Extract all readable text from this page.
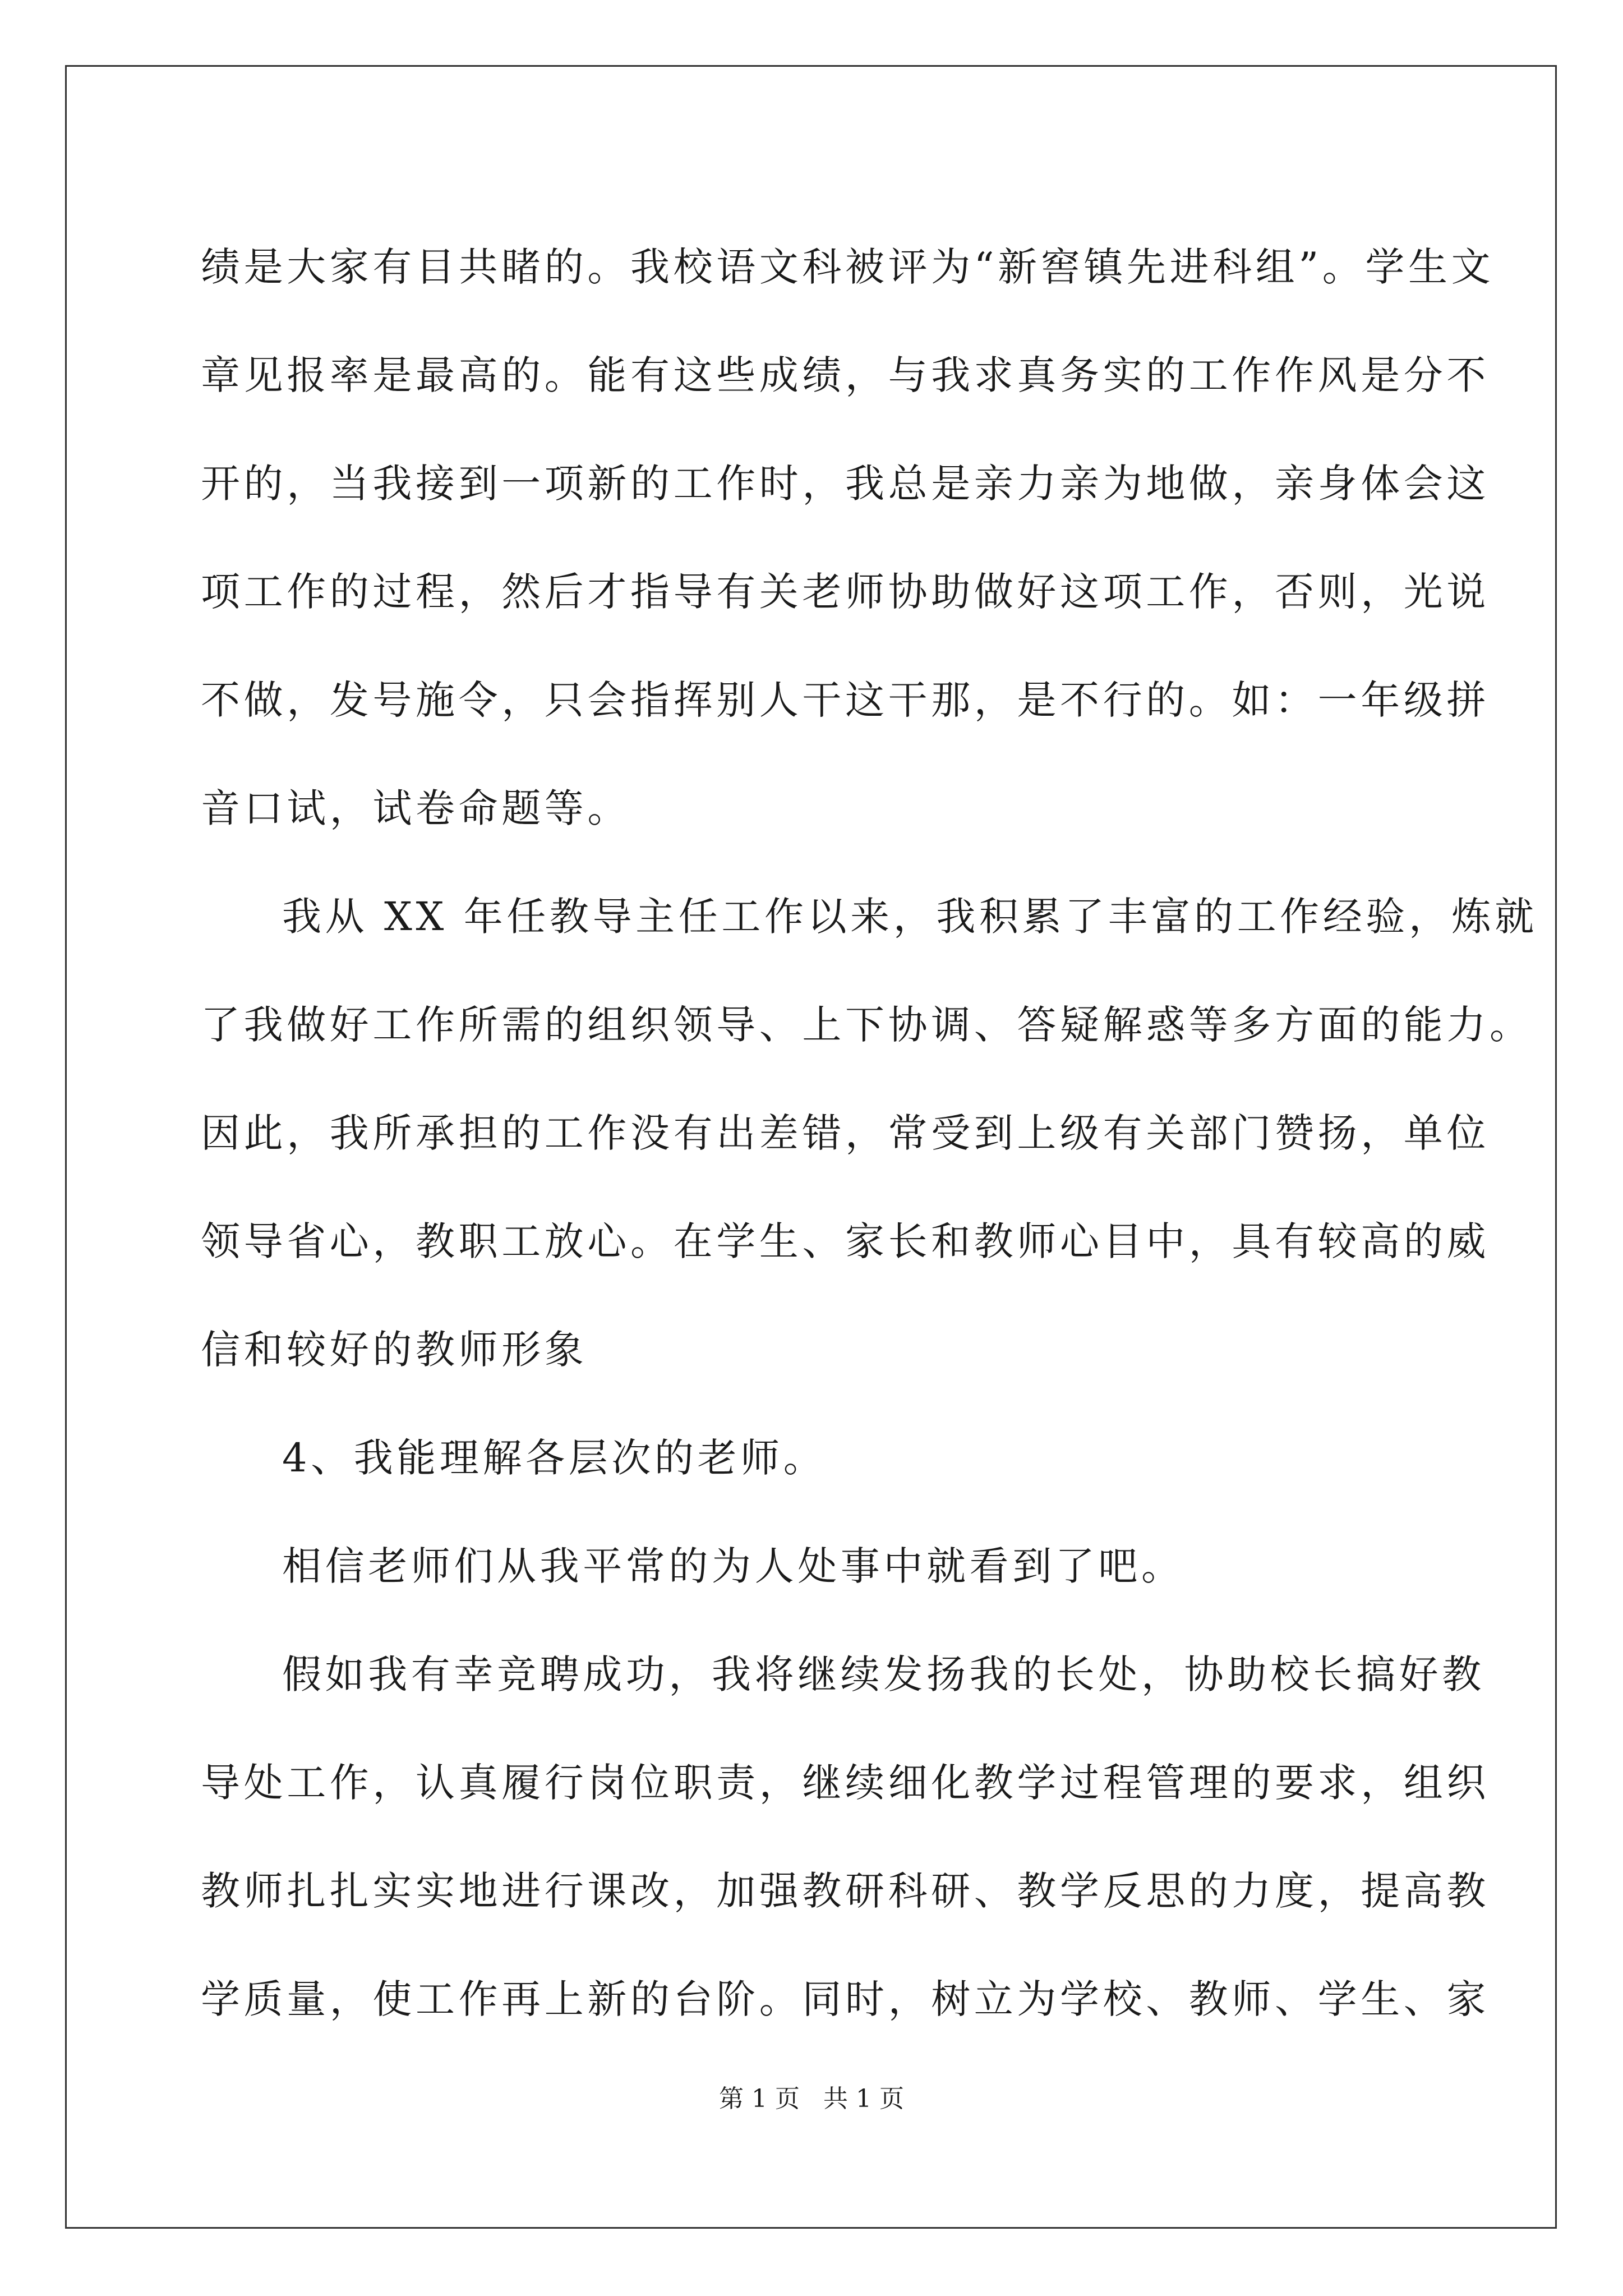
绩是大家有目共睹的。我校语文科被评为“新窖镇先进科组”。学生文
章见报率是最高的。能有这些成绩，与我求真务实的工作作风是分不
开的，当我接到一项新的工作时，我总是亲力亲为地做，亲身体会这
项工作的过程，然后才指导有关老师协助做好这项工作，否则，光说
不做，发号施令，只会指挥别人干这干那，是不行的。如：一年级拼
音口试，试卷命题等。
我从 XX 年任教导主任工作以来，我积累了丰富的工作经验，炼就
了我做好工作所需的组织领导、上下协调、答疑解惑等多方面的能力。
因此，我所承担的工作没有出差错，常受到上级有关部门赞扬，单位
领导省心，教职工放心。在学生、家长和教师心目中，具有较高的威
信和较好的教师形象
4、我能理解各层次的老师。
相信老师们从我平常的为人处事中就看到了吧。
假如我有幸竞聘成功，我将继续发扬我的长处，协助校长搞好教
导处工作，认真履行岗位职责，继续细化教学过程管理的要求，组织
教师扎扎实实地进行课改，加强教研科研、教学反思的力度，提高教
学质量，使工作再上新的台阶。同时，树立为学校、教师、学生、家
第 1 页   共 1 页
